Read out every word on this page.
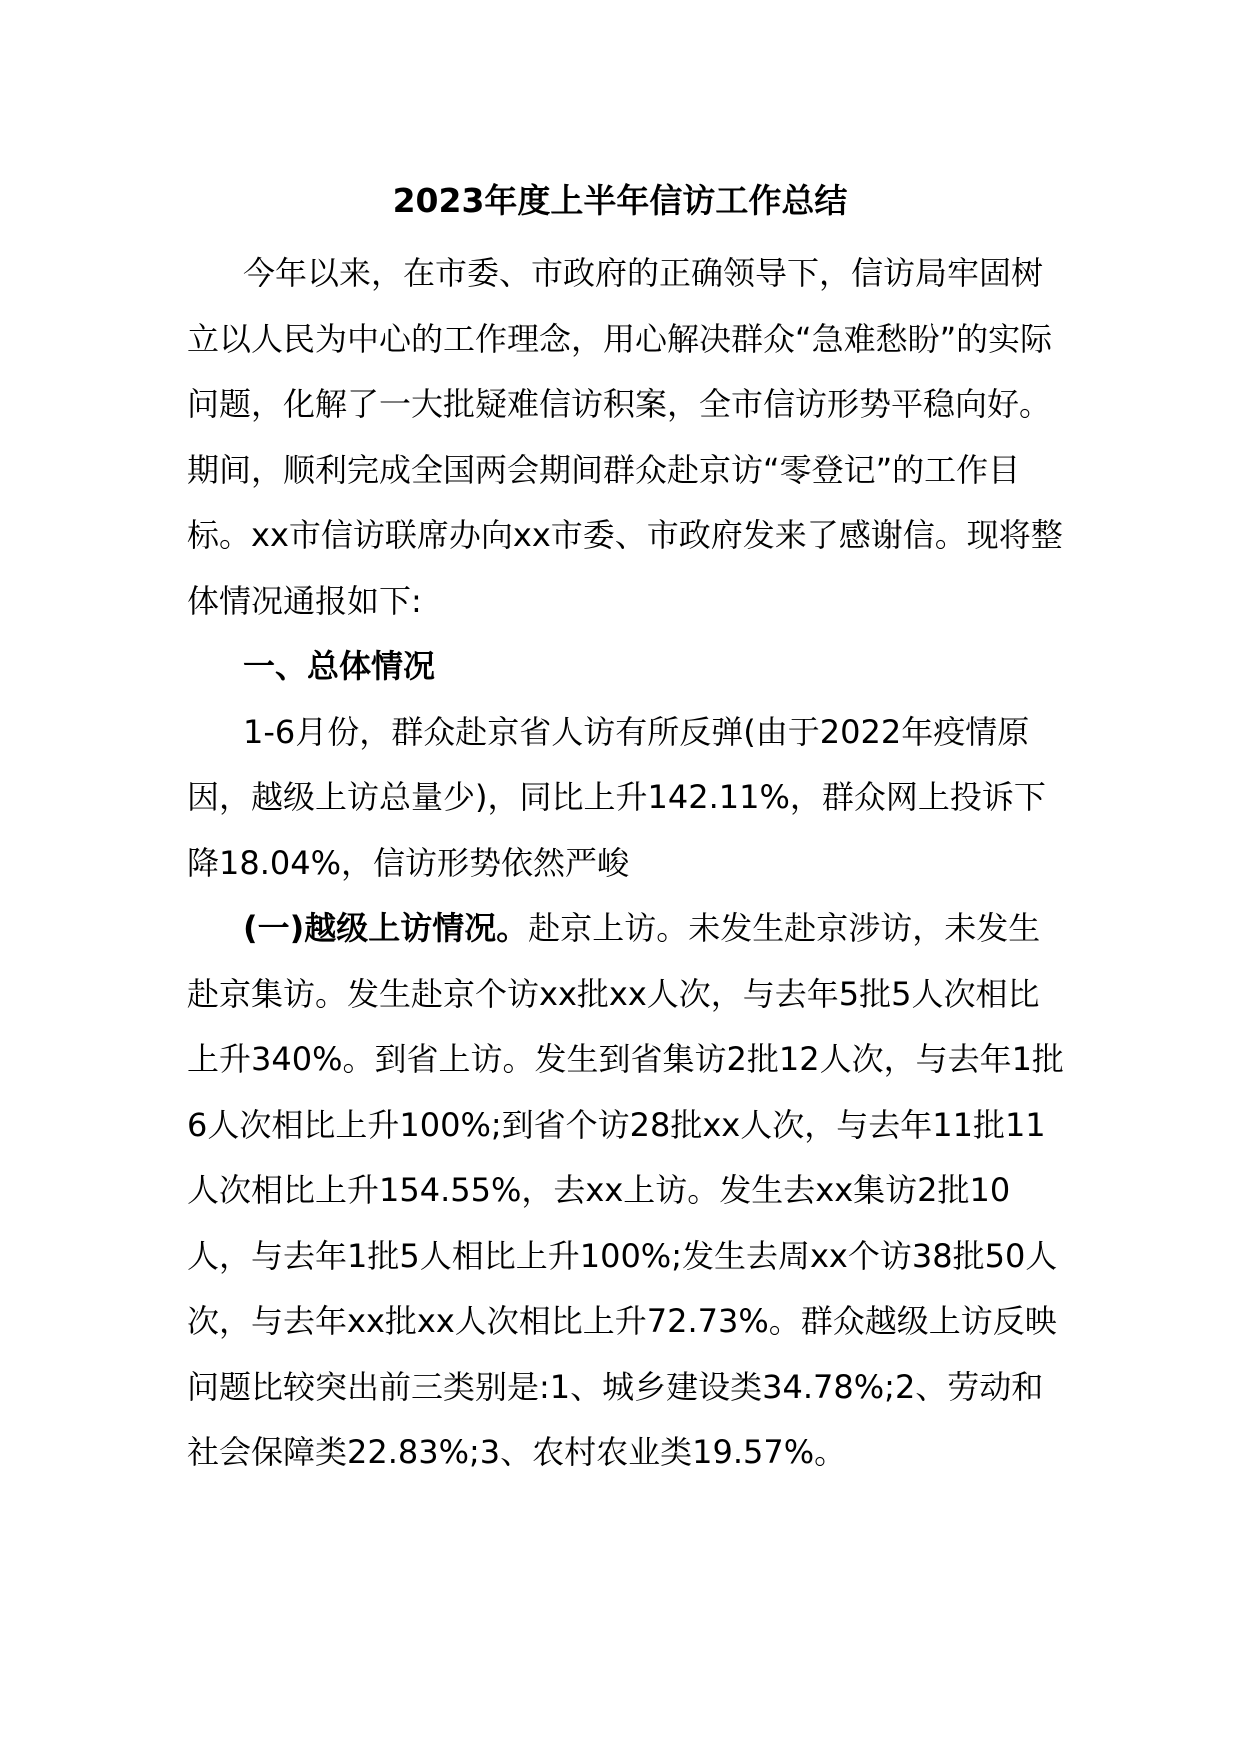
2023年度上半年信访工作总结

今年以来，在市委、市政府的正确领导下，信访局牢固树立以人民为中心的工作理念，用心解决群众“急难愁盼”的实际问题，化解了一大批疑难信访积案，全市信访形势平稳向好。期间，顺利完成全国两会期间群众赴京访“零登记”的工作目标。xx市信访联席办向xx市委、市政府发来了感谢信。现将整体情况通报如下:

一、总体情况

1-6月份，群众赴京省人访有所反弹(由于2022年疫情原因，越级上访总量少)，同比上升142.11%，群众网上投诉下降18.04%，信访形势依然严峻

(一)越级上访情况。赴京上访。未发生赴京涉访，未发生赴京集访。发生赴京个访xx批xx人次，与去年5批5人次相比上升340%。到省上访。发生到省集访2批12人次，与去年1批6人次相比上升100%;到省个访28批xx人次，与去年11批11人次相比上升154.55%，去xx上访。发生去xx集访2批10人，与去年1批5人相比上升100%;发生去周xx个访38批50人次，与去年xx批xx人次相比上升72.73%。群众越级上访反映问题比较突出前三类别是:1、城乡建设类34.78%;2、劳动和社会保障类22.83%;3、农村农业类19.57%。
